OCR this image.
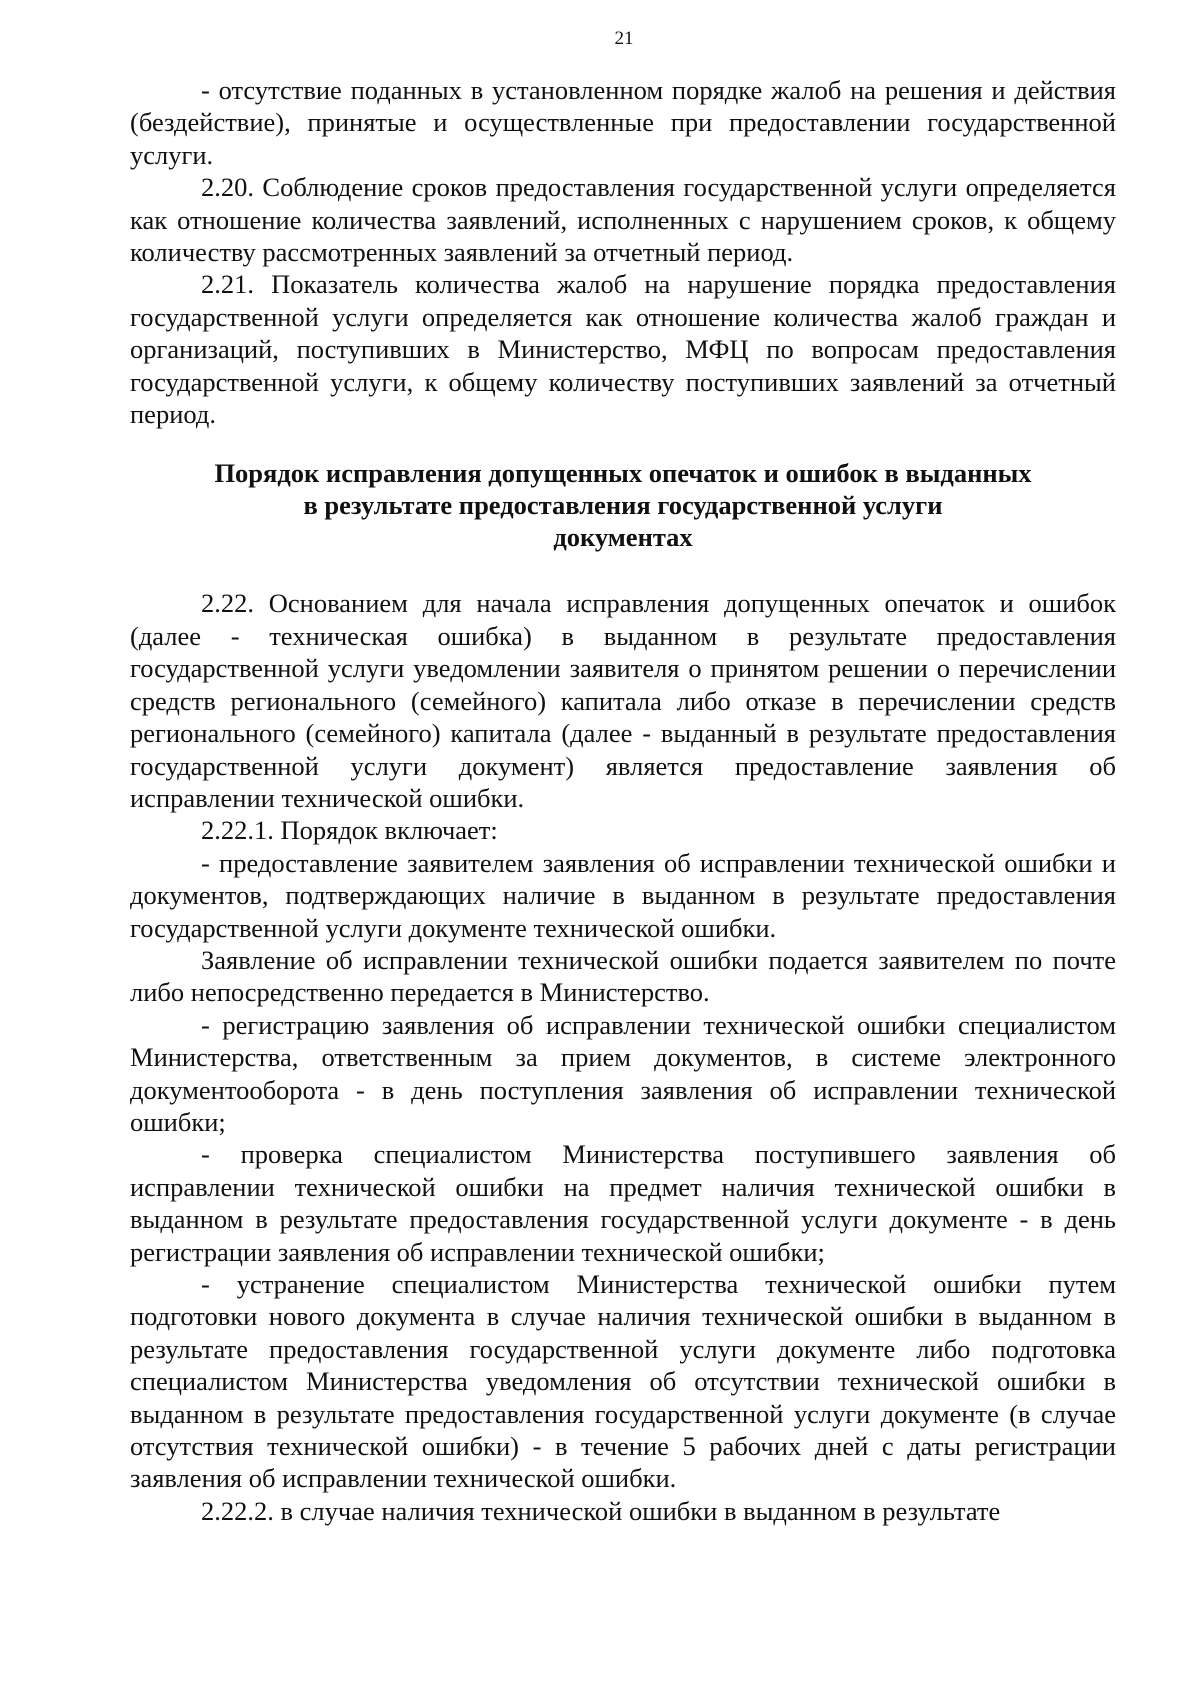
21

- отсутствие поданных в установленном порядке жалоб на решения и действия (бездействие), принятые и осуществленные при предоставлении государственной услуги.

2.20. Соблюдение сроков предоставления государственной услуги определяется как отношение количества заявлений, исполненных с нарушением сроков, к общему количеству рассмотренных заявлений за отчетный период.

2.21. Показатель количества жалоб на нарушение порядка предоставления государственной услуги определяется как отношение количества жалоб граждан и организаций, поступивших в Министерство, МФЦ по вопросам предоставления государственной услуги, к общему количеству поступивших заявлений за отчетный период.

Порядок исправления допущенных опечаток и ошибок в выданных
в результате предоставления государственной услуги
документах

2.22. Основанием для начала исправления допущенных опечаток и ошибок (далее - техническая ошибка) в выданном в результате предоставления государственной услуги уведомлении заявителя о принятом решении о перечислении средств регионального (семейного) капитала либо отказе в перечислении средств регионального (семейного) капитала (далее - выданный в результате предоставления государственной услуги документ) является предоставление заявления об исправлении технической ошибки.

2.22.1. Порядок включает:

- предоставление заявителем заявления об исправлении технической ошибки и документов, подтверждающих наличие в выданном в результате предоставления государственной услуги документе технической ошибки.

Заявление об исправлении технической ошибки подается заявителем по почте либо непосредственно передается в Министерство.

- регистрацию заявления об исправлении технической ошибки специалистом Министерства, ответственным за прием документов, в системе электронного документооборота - в день поступления заявления об исправлении технической ошибки;

- проверка специалистом Министерства поступившего заявления об исправлении технической ошибки на предмет наличия технической ошибки в выданном в результате предоставления государственной услуги документе - в день регистрации заявления об исправлении технической ошибки;

- устранение специалистом Министерства технической ошибки путем подготовки нового документа в случае наличия технической ошибки в выданном в результате предоставления государственной услуги документе либо подготовка специалистом Министерства уведомления об отсутствии технической ошибки в выданном в результате предоставления государственной услуги документе (в случае отсутствия технической ошибки) - в течение 5 рабочих дней с даты регистрации заявления об исправлении технической ошибки.

2.22.2. в случае наличия технической ошибки в выданном в результате
